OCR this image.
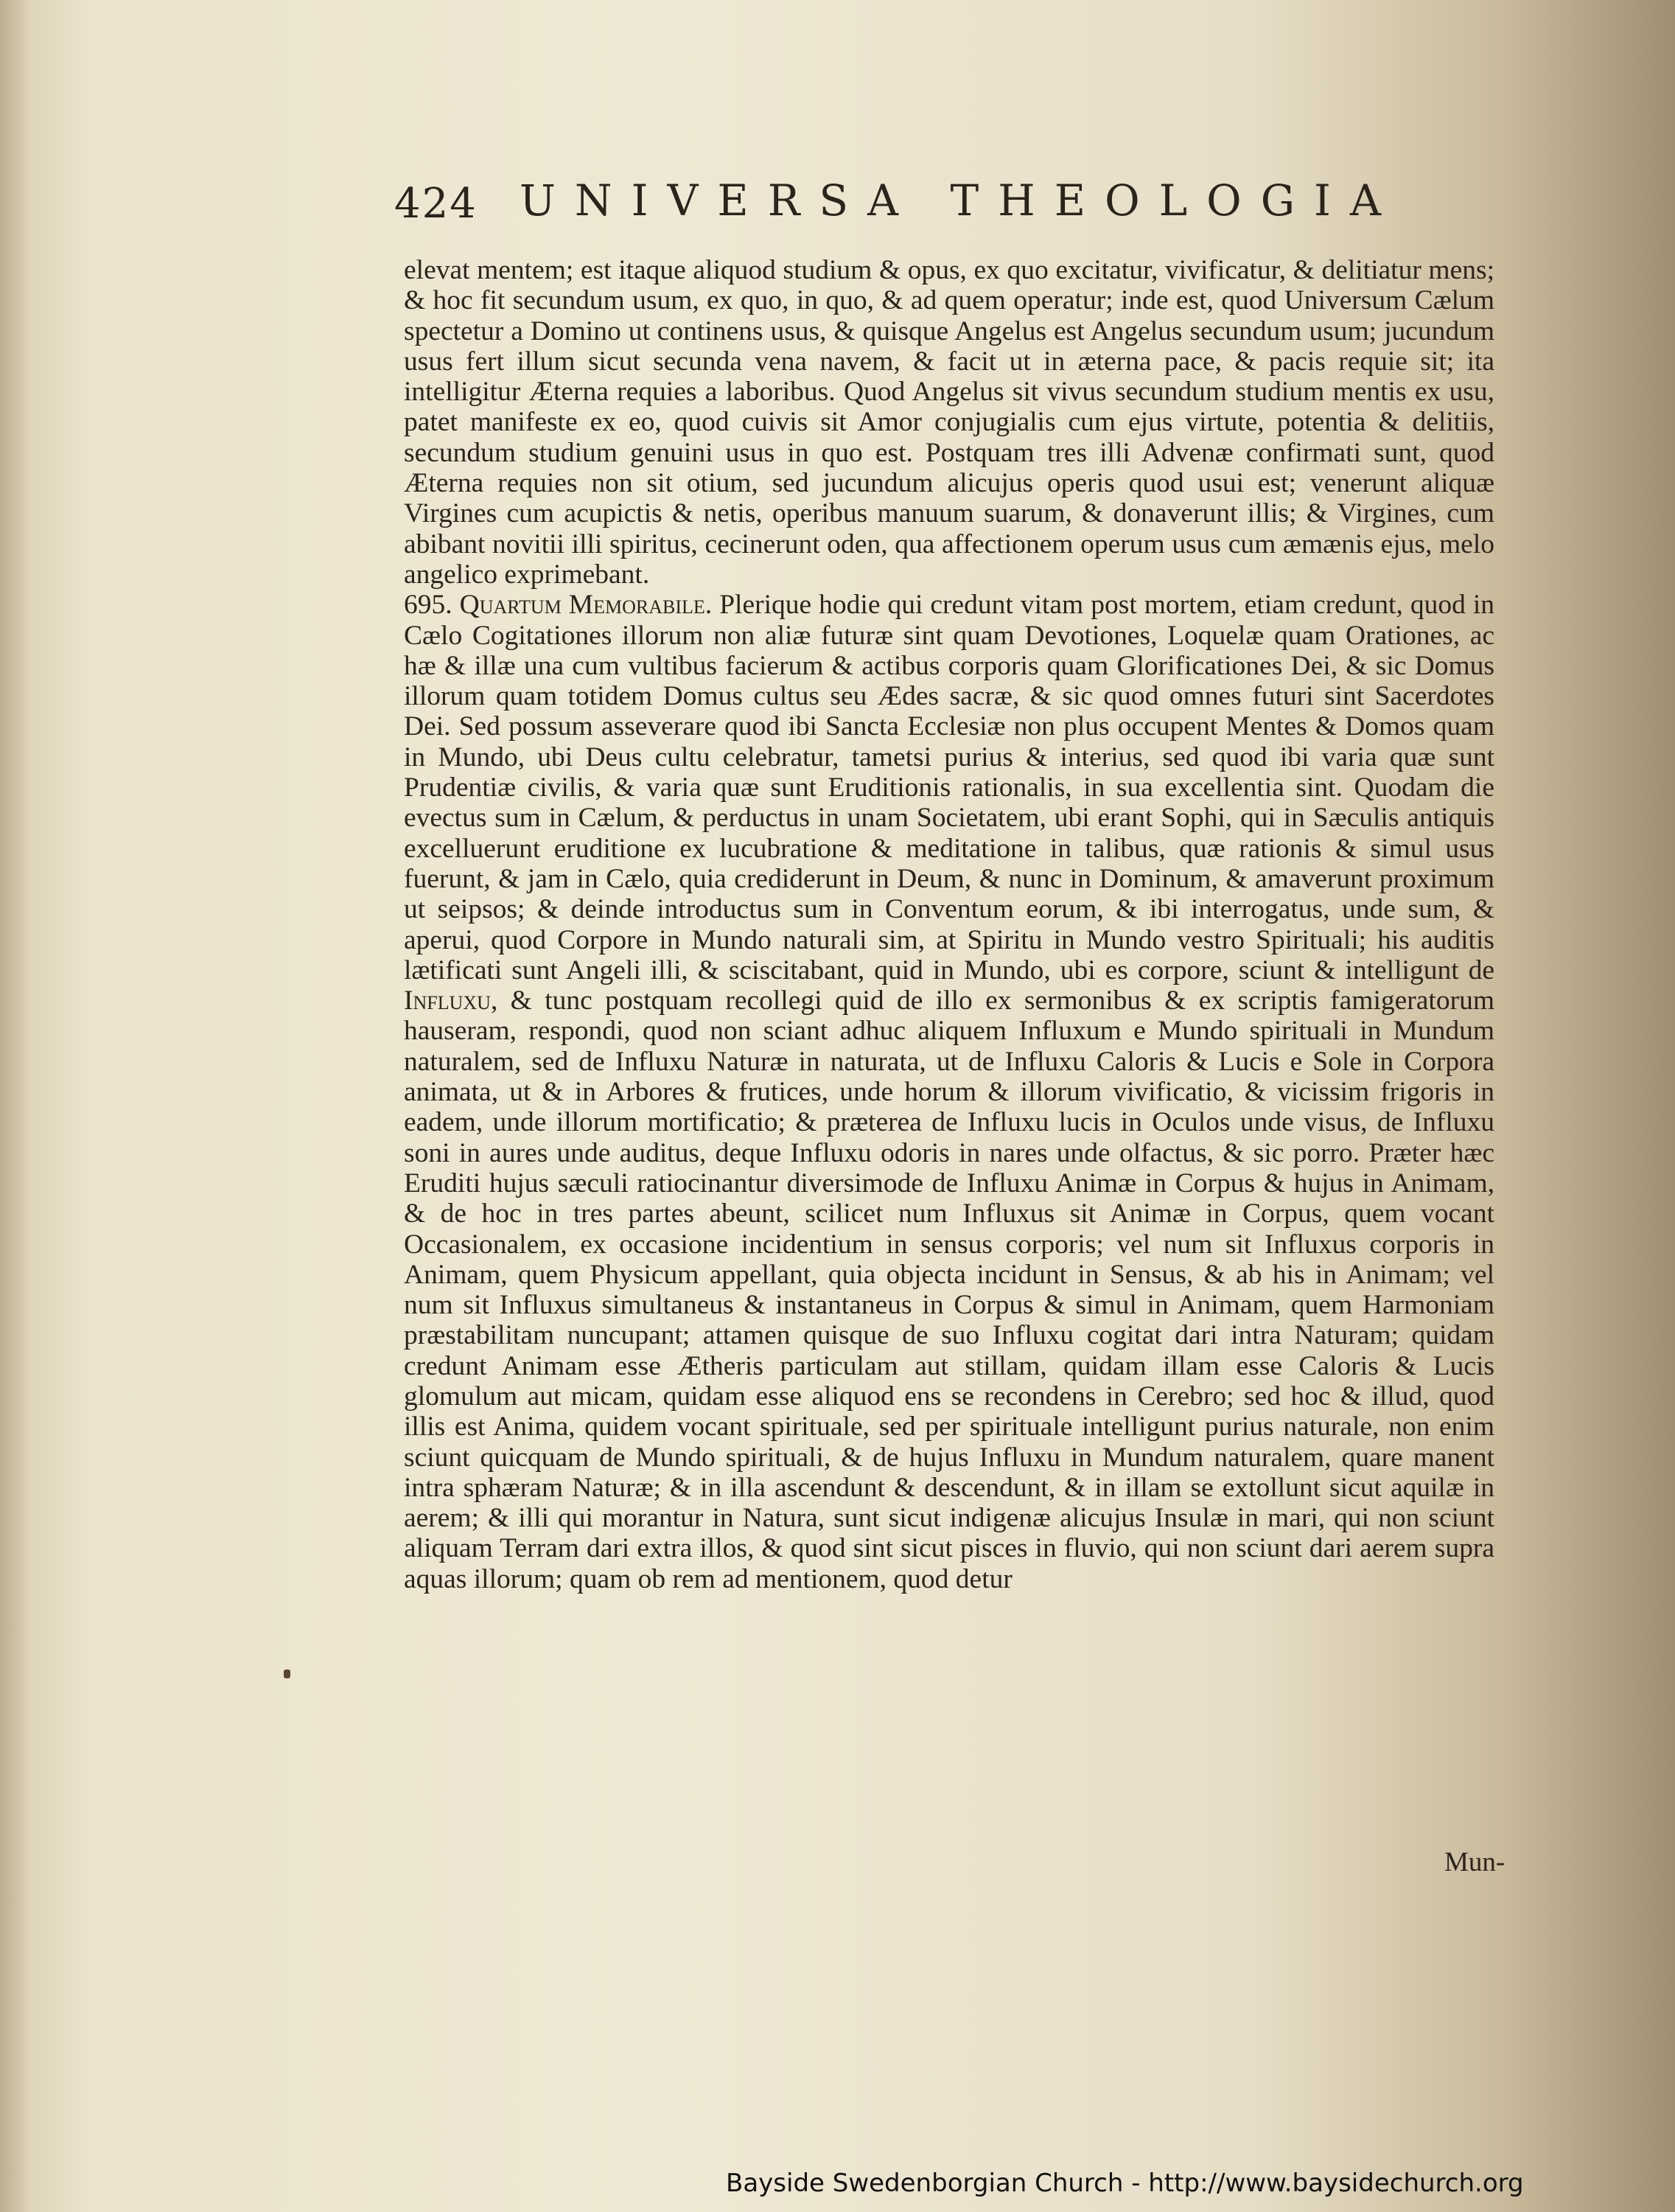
424 UNIVERSA THEOLOGIA

elevat mentem; est itaque aliquod studium & opus, ex quo excitatur, vivificatur, & delitiatur mens; & hoc fit secundum usum, ex quo, in quo, & ad quem operatur; inde est, quod Universum Cælum spectetur a Domino ut continens usus, & quisque Angelus est Angelus secundum usum; jucundum usus fert illum sicut secunda vena navem, & facit ut in æterna pace, & pacis requie sit; ita intelligitur Æterna requies a laboribus. Quod Angelus sit vivus secundum studium mentis ex usu, patet manifeste ex eo, quod cuivis sit Amor conjugialis cum ejus virtute, potentia & delitiis, secundum studium genuini usus in quo est. Postquam tres illi Advenæ confirmati sunt, quod Æterna requies non sit otium, sed jucundum alicujus operis quod usui est; venerunt aliquæ Virgines cum acupictis & netis, operibus manuum suarum, & donaverunt illis; & Virgines, cum abibant novitii illi spiritus, cecinerunt oden, qua affectionem operum usus cum æmænis ejus, melo angelico exprimebant.

695. Quartum Memorabile. Plerique hodie qui credunt vitam post mortem, etiam credunt, quod in Cælo Cogitationes illorum non aliæ futuræ sint quam Devotiones, Loquelæ quam Orationes, ac hæ & illæ una cum vultibus facierum & actibus corporis quam Glorificationes Dei, & sic Domus illorum quam totidem Domus cultus seu Ædes sacræ, & sic quod omnes futuri sint Sacerdotes Dei. Sed possum asseverare quod ibi Sancta Ecclesiæ non plus occupent Mentes & Domos quam in Mundo, ubi Deus cultu celebratur, tametsi purius & interius, sed quod ibi varia quæ sunt Prudentiæ civilis, & varia quæ sunt Eruditionis rationalis, in sua excellentia sint. Quodam die evectus sum in Cælum, & perductus in unam Societatem, ubi erant Sophi, qui in Sæculis antiquis excelluerunt eruditione ex lucubratione & meditatione in talibus, quæ rationis & simul usus fuerunt, & jam in Cælo, quia crediderunt in Deum, & nunc in Dominum, & amaverunt proximum ut seipsos; & deinde introductus sum in Conventum eorum, & ibi interrogatus, unde sum, & aperui, quod Corpore in Mundo naturali sim, at Spiritu in Mundo vestro Spirituali; his auditis lætificati sunt Angeli illi, & sciscitabant, quid in Mundo, ubi es corpore, sciunt & intelligunt de Influxu, & tunc postquam recollegi quid de illo ex sermonibus & ex scriptis famigeratorum hauseram, respondi, quod non sciant adhuc aliquem Influxum e Mundo spirituali in Mundum naturalem, sed de Influxu Naturæ in naturata, ut de Influxu Caloris & Lucis e Sole in Corpora animata, ut & in Arbores & frutices, unde horum & illorum vivificatio, & vicissim frigoris in eadem, unde illorum mortificatio; & præterea de Influxu lucis in Oculos unde visus, de Influxu soni in aures unde auditus, deque Influxu odoris in nares unde olfactus, & sic porro. Præter hæc Eruditi hujus sæculi ratiocinantur diversimode de Influxu Animæ in Corpus & hujus in Animam, & de hoc in tres partes abeunt, scilicet num Influxus sit Animæ in Corpus, quem vocant Occasionalem, ex occasione incidentium in sensus corporis; vel num sit Influxus corporis in Animam, quem Physicum appellant, quia objecta incidunt in Sensus, & ab his in Animam; vel num sit Influxus simultaneus & instantaneus in Corpus & simul in Animam, quem Harmoniam præstabilitam nuncupant; attamen quisque de suo Influxu cogitat dari intra Naturam; quidam credunt Animam esse Ætheris particulam aut stillam, quidam illam esse Caloris & Lucis glomulum aut micam, quidam esse aliquod ens se recondens in Cerebro; sed hoc & illud, quod illis est Anima, quidem vocant spirituale, sed per spirituale intelligunt purius naturale, non enim sciunt quicquam de Mundo spirituali, & de hujus Influxu in Mundum naturalem, quare manent intra sphæram Naturæ; & in illa ascendunt & descendunt, & in illam se extollunt sicut aquilæ in aerem; & illi qui morantur in Natura, sunt sicut indigenæ alicujus Insulæ in mari, qui non sciunt aliquam Terram dari extra illos, & quod sint sicut pisces in fluvio, qui non sciunt dari aerem supra aquas illorum; quam ob rem ad mentionem, quod detur

Mun-
Bayside Swedenborgian Church - http://www.baysidechurch.org
